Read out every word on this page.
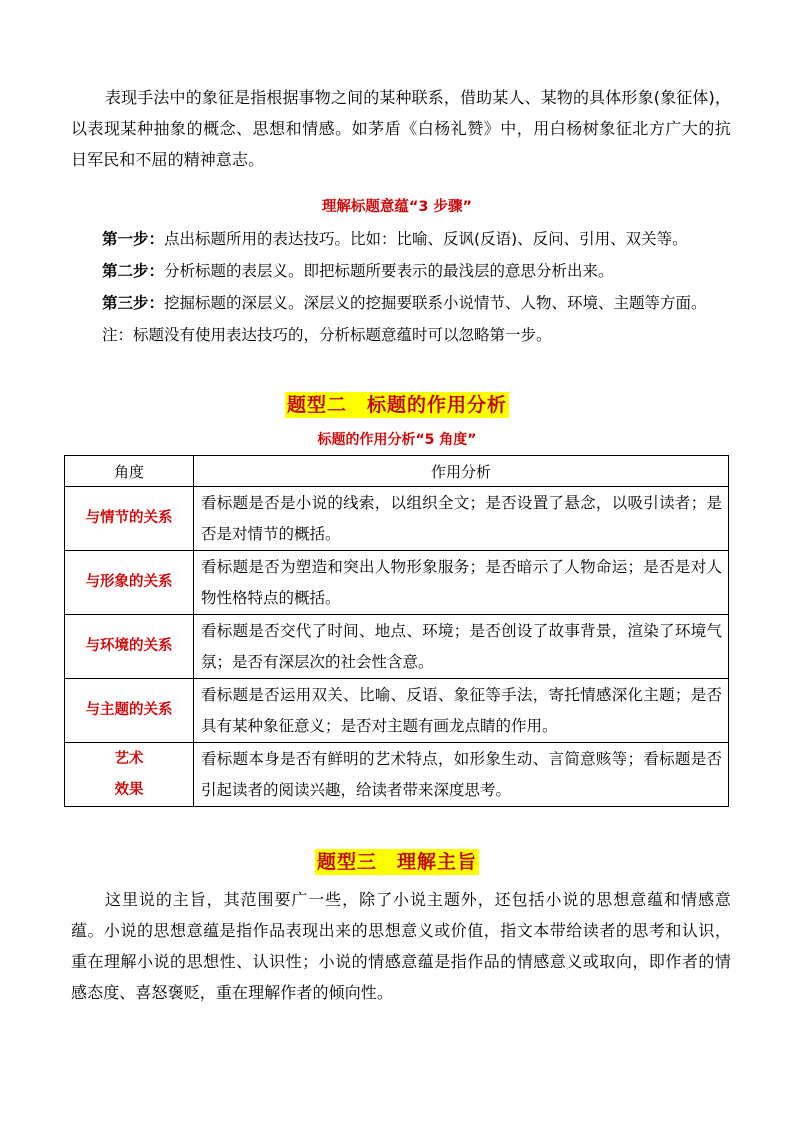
表现手法中的象征是指根据事物之间的某种联系，借助某人、某物的具体形象(象征体)，以表现某种抽象的概念、思想和情感。如茅盾《白杨礼赞》中，用白杨树象征北方广大的抗日军民和不屈的精神意志。

理解标题意蕴“3 步骤”
第一步：点出标题所用的表达技巧。比如：比喻、反讽(反语)、反问、引用、双关等。
第二步：分析标题的表层义。即把标题所要表示的最浅层的意思分析出来。
第三步：挖掘标题的深层义。深层义的挖掘要联系小说情节、人物、环境、主题等方面。
注：标题没有使用表达技巧的，分析标题意蕴时可以忽略第一步。
题型二　标题的作用分析
标题的作用分析“5 角度”
角度	作用分析
与情节的关系	看标题是否是小说的线索，以组织全文；是否设置了悬念，以吸引读者；是否是对情节的概括。
与形象的关系	看标题是否为塑造和突出人物形象服务；是否暗示了人物命运；是否是对人物性格特点的概括。
与环境的关系	看标题是否交代了时间、地点、环境；是否创设了故事背景，渲染了环境气氛；是否有深层次的社会性含意。
与主题的关系	看标题是否运用双关、比喻、反语、象征等手法，寄托情感深化主题；是否具有某种象征意义；是否对主题有画龙点睛的作用。

艺术
效果	看标题本身是否有鲜明的艺术特点，如形象生动、言简意赅等；看标题是否引起读者的阅读兴趣，给读者带来深度思考。
题型三　理解主旨

这里说的主旨，其范围要广一些，除了小说主题外，还包括小说的思想意蕴和情感意蕴。小说的思想意蕴是指作品表现出来的思想意义或价值，指文本带给读者的思考和认识，重在理解小说的思想性、认识性；小说的情感意蕴是指作品的情感意义或取向，即作者的情感态度、喜怒褒贬，重在理解作者的倾向性。
